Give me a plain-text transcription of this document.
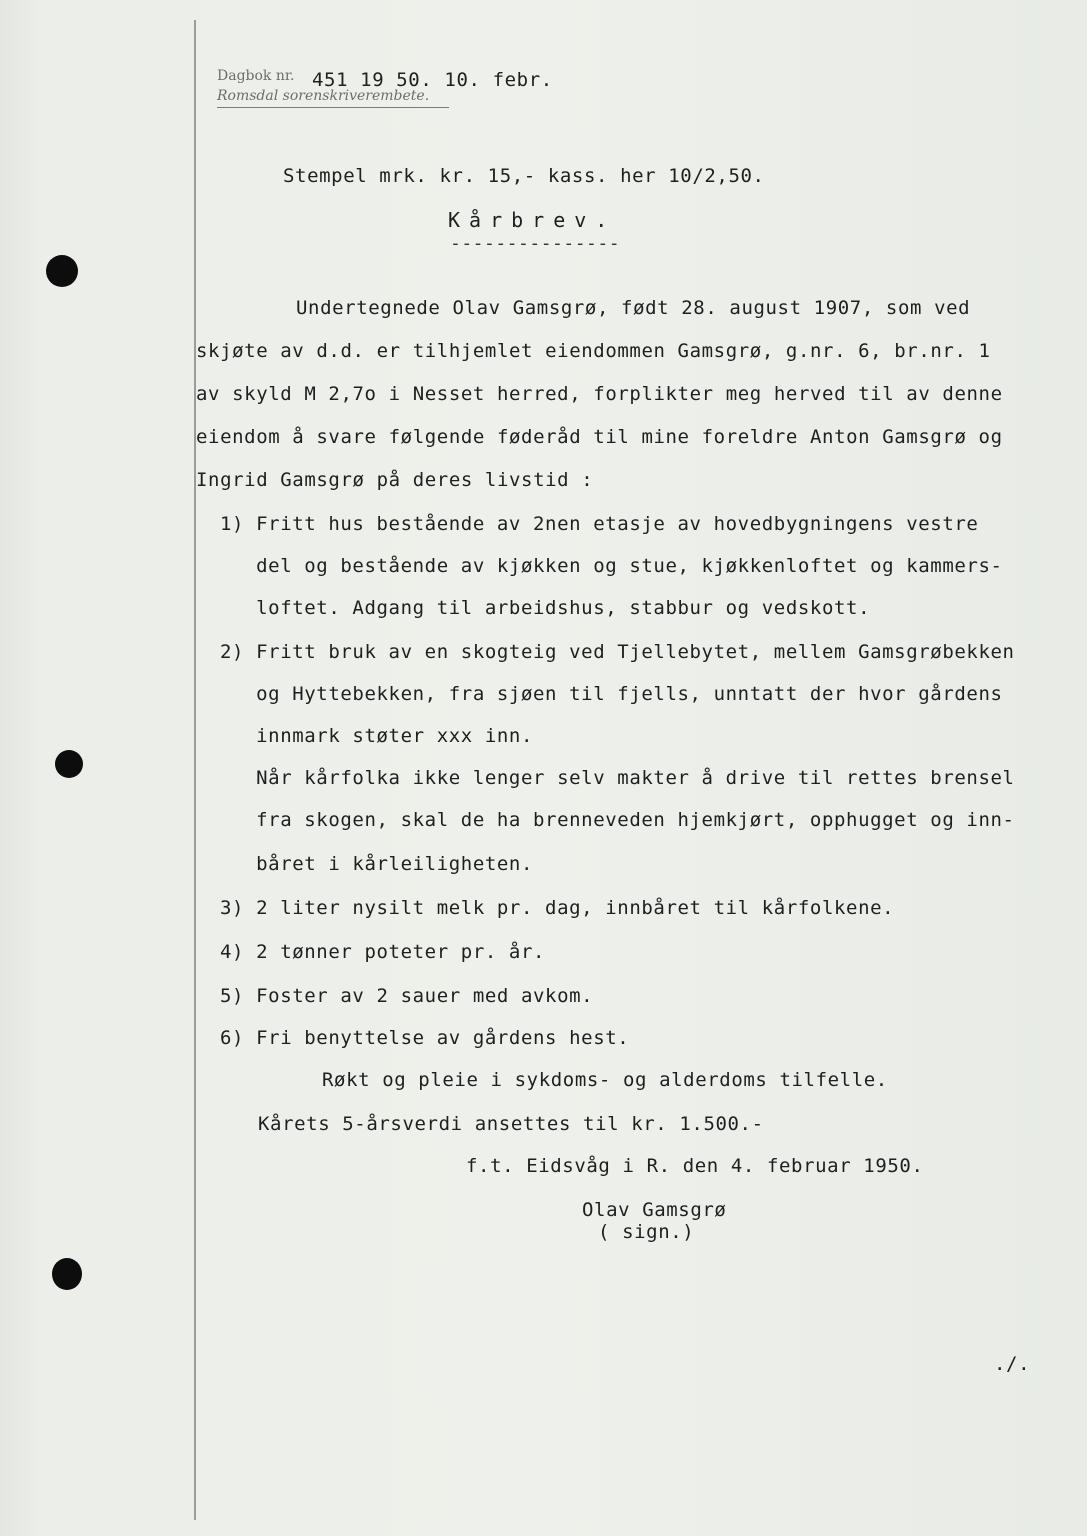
Dagbok nr.
Romsdal sorenskriverembete.
451 19 50. 10. febr.
Stempel mrk. kr. 15,- kass. her 10/2,50.
Kårbrev.
---------------
Undertegnede Olav Gamsgrø, født 28. august 1907, som ved
skjøte av d.d. er tilhjemlet eiendommen Gamsgrø, g.nr. 6, br.nr. 1
av skyld M 2,7o i Nesset herred, forplikter meg herved til av denne
eiendom å svare følgende føderåd til mine foreldre Anton Gamsgrø og
Ingrid Gamsgrø på deres livstid :
1) Fritt hus bestående av 2nen etasje av hovedbygningens vestre
del og bestående av kjøkken og stue, kjøkkenloftet og kammers-
loftet. Adgang til arbeidshus, stabbur og vedskott.
2) Fritt bruk av en skogteig ved Tjellebytet, mellem Gamsgrøbekken
og Hyttebekken, fra sjøen til fjells, unntatt der hvor gårdens
innmark støter xxx inn.
Når kårfolka ikke lenger selv makter å drive til rettes brensel
fra skogen, skal de ha brenneveden hjemkjørt, opphugget og inn-
båret i kårleiligheten.
3) 2 liter nysilt melk pr. dag, innbåret til kårfolkene.
4) 2 tønner poteter pr. år.
5) Foster av 2 sauer med avkom.
6) Fri benyttelse av gårdens hest.
Røkt og pleie i sykdoms- og alderdoms tilfelle.
Kårets 5-årsverdi ansettes til kr. 1.500.-
f.t. Eidsvåg i R. den 4. februar 1950.
Olav Gamsgrø
( sign.)
./.
